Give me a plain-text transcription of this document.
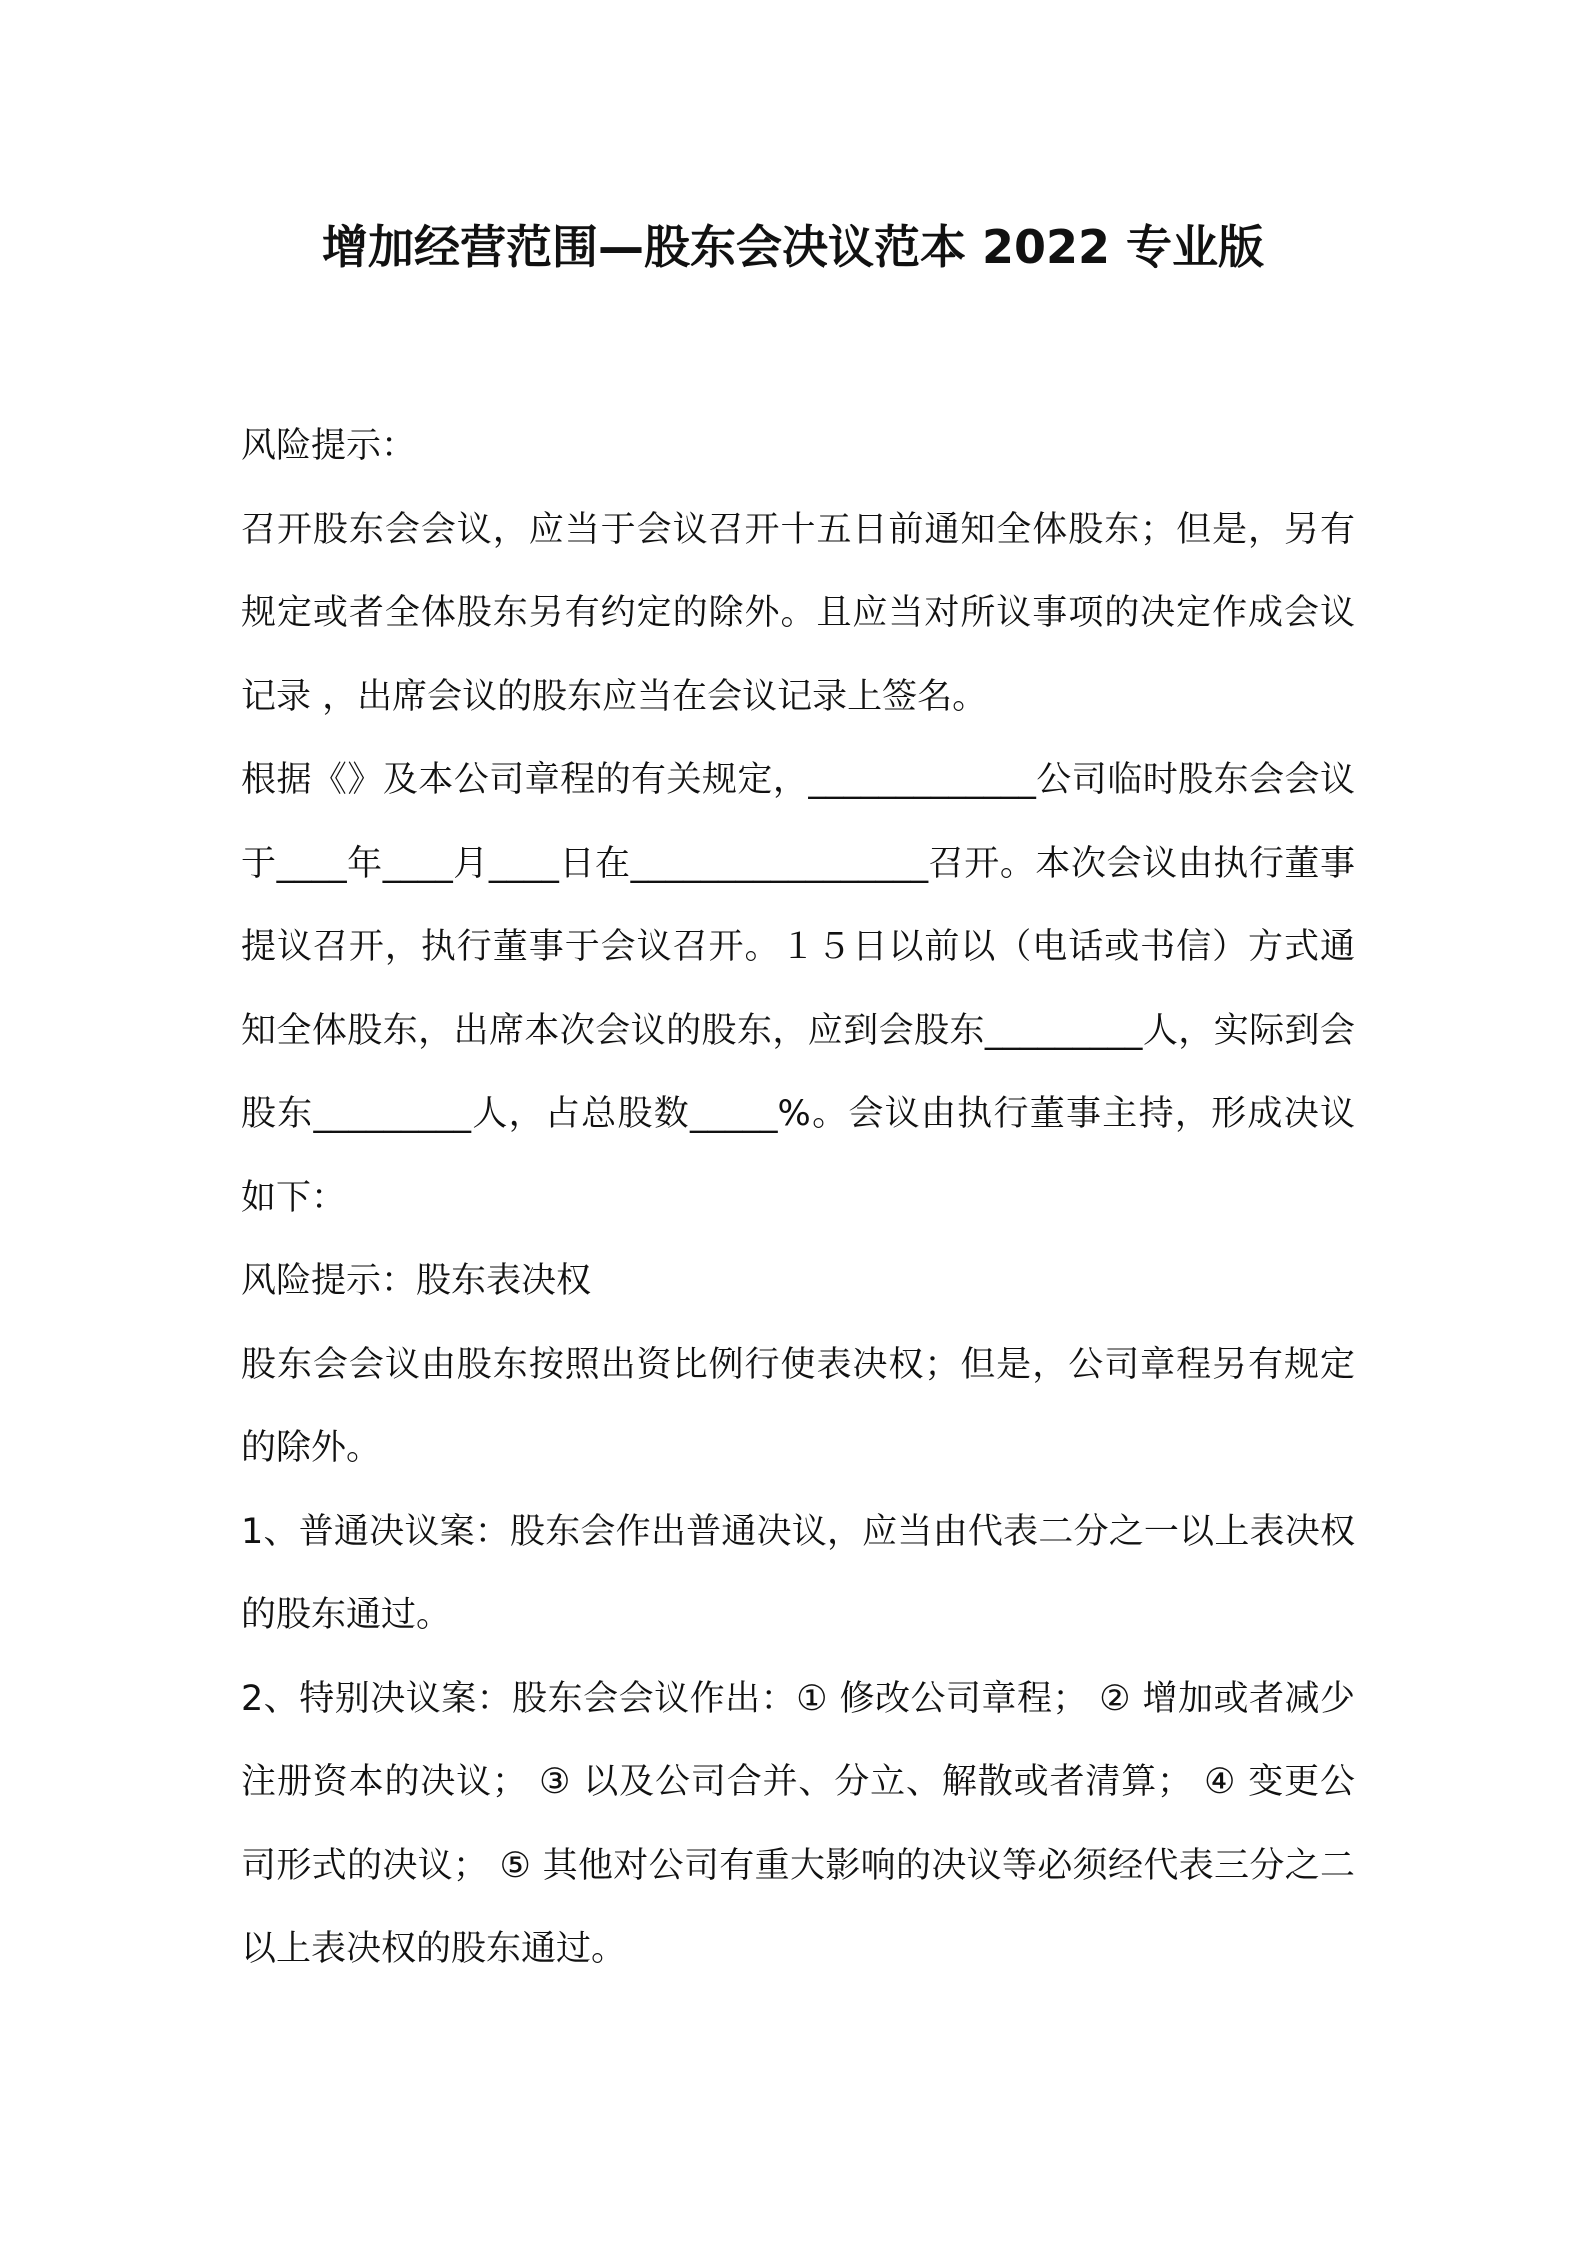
增加经营范围—股东会决议范本 2022 专业版

风险提示：

召开股东会会议，应当于会议召开十五日前通知全体股东；但是，另有规定或者全体股东另有约定的除外。且应当对所议事项的决定作成会议记录 ，出席会议的股东应当在会议记录上签名。

根据《》及本公司章程的有关规定，_____________公司临时股东会会议于____年____月____日在_________________召开。本次会议由执行董事提议召开，执行董事于会议召开。１５日以前以（电话或书信）方式通知全体股东，出席本次会议的股东，应到会股东_________人，实际到会股东_________人，占总股数_____%。会议由执行董事主持，形成决议如下：

风险提示：股东表决权

股东会会议由股东按照出资比例行使表决权；但是，公司章程另有规定的除外。

1、普通决议案：股东会作出普通决议，应当由代表二分之一以上表决权的股东通过。

2、特别决议案：股东会会议作出：① 修改公司章程； ② 增加或者减少注册资本的决议； ③ 以及公司合并、分立、解散或者清算； ④ 变更公司形式的决议； ⑤ 其他对公司有重大影响的决议等必须经代表三分之二以上表决权的股东通过。
